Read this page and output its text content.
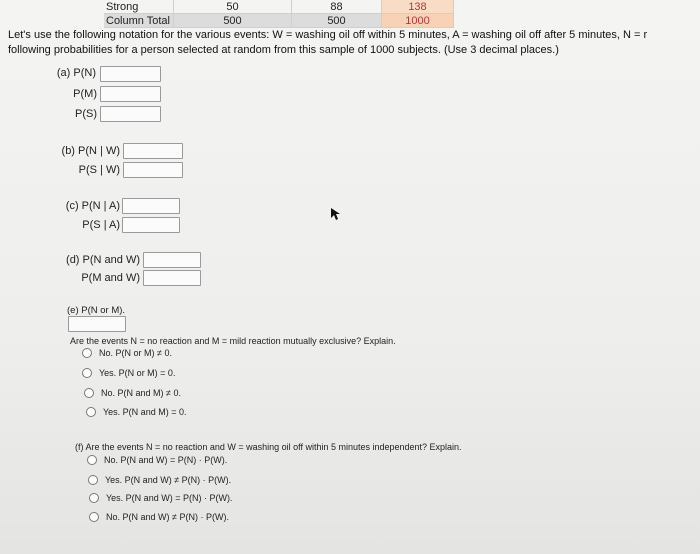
Strong	50	88	138
Column Total	500	500	1000
Let's use the following notation for the various events: W = washing oil off within 5 minutes, A = washing oil off after 5 minutes, N = r
following probabilities for a person selected at random from this sample of 1000 subjects. (Use 3 decimal places.)
(a) P(N)
P(M)
P(S)
(b) P(N | W)
P(S | W)
(c) P(N | A)
P(S | A)
(d) P(N and W)
P(M and W)
(e) P(N or M).
Are the events N = no reaction and M = mild reaction mutually exclusive? Explain.
No. P(N or M) ≠ 0.
Yes. P(N or M) = 0.
No. P(N and M) ≠ 0.
Yes. P(N and M) = 0.
(f) Are the events N = no reaction and W = washing oil off within 5 minutes independent? Explain.
No. P(N and W) = P(N) · P(W).
Yes. P(N and W) ≠ P(N) · P(W).
Yes. P(N and W) = P(N) · P(W).
No. P(N and W) ≠ P(N) · P(W).
